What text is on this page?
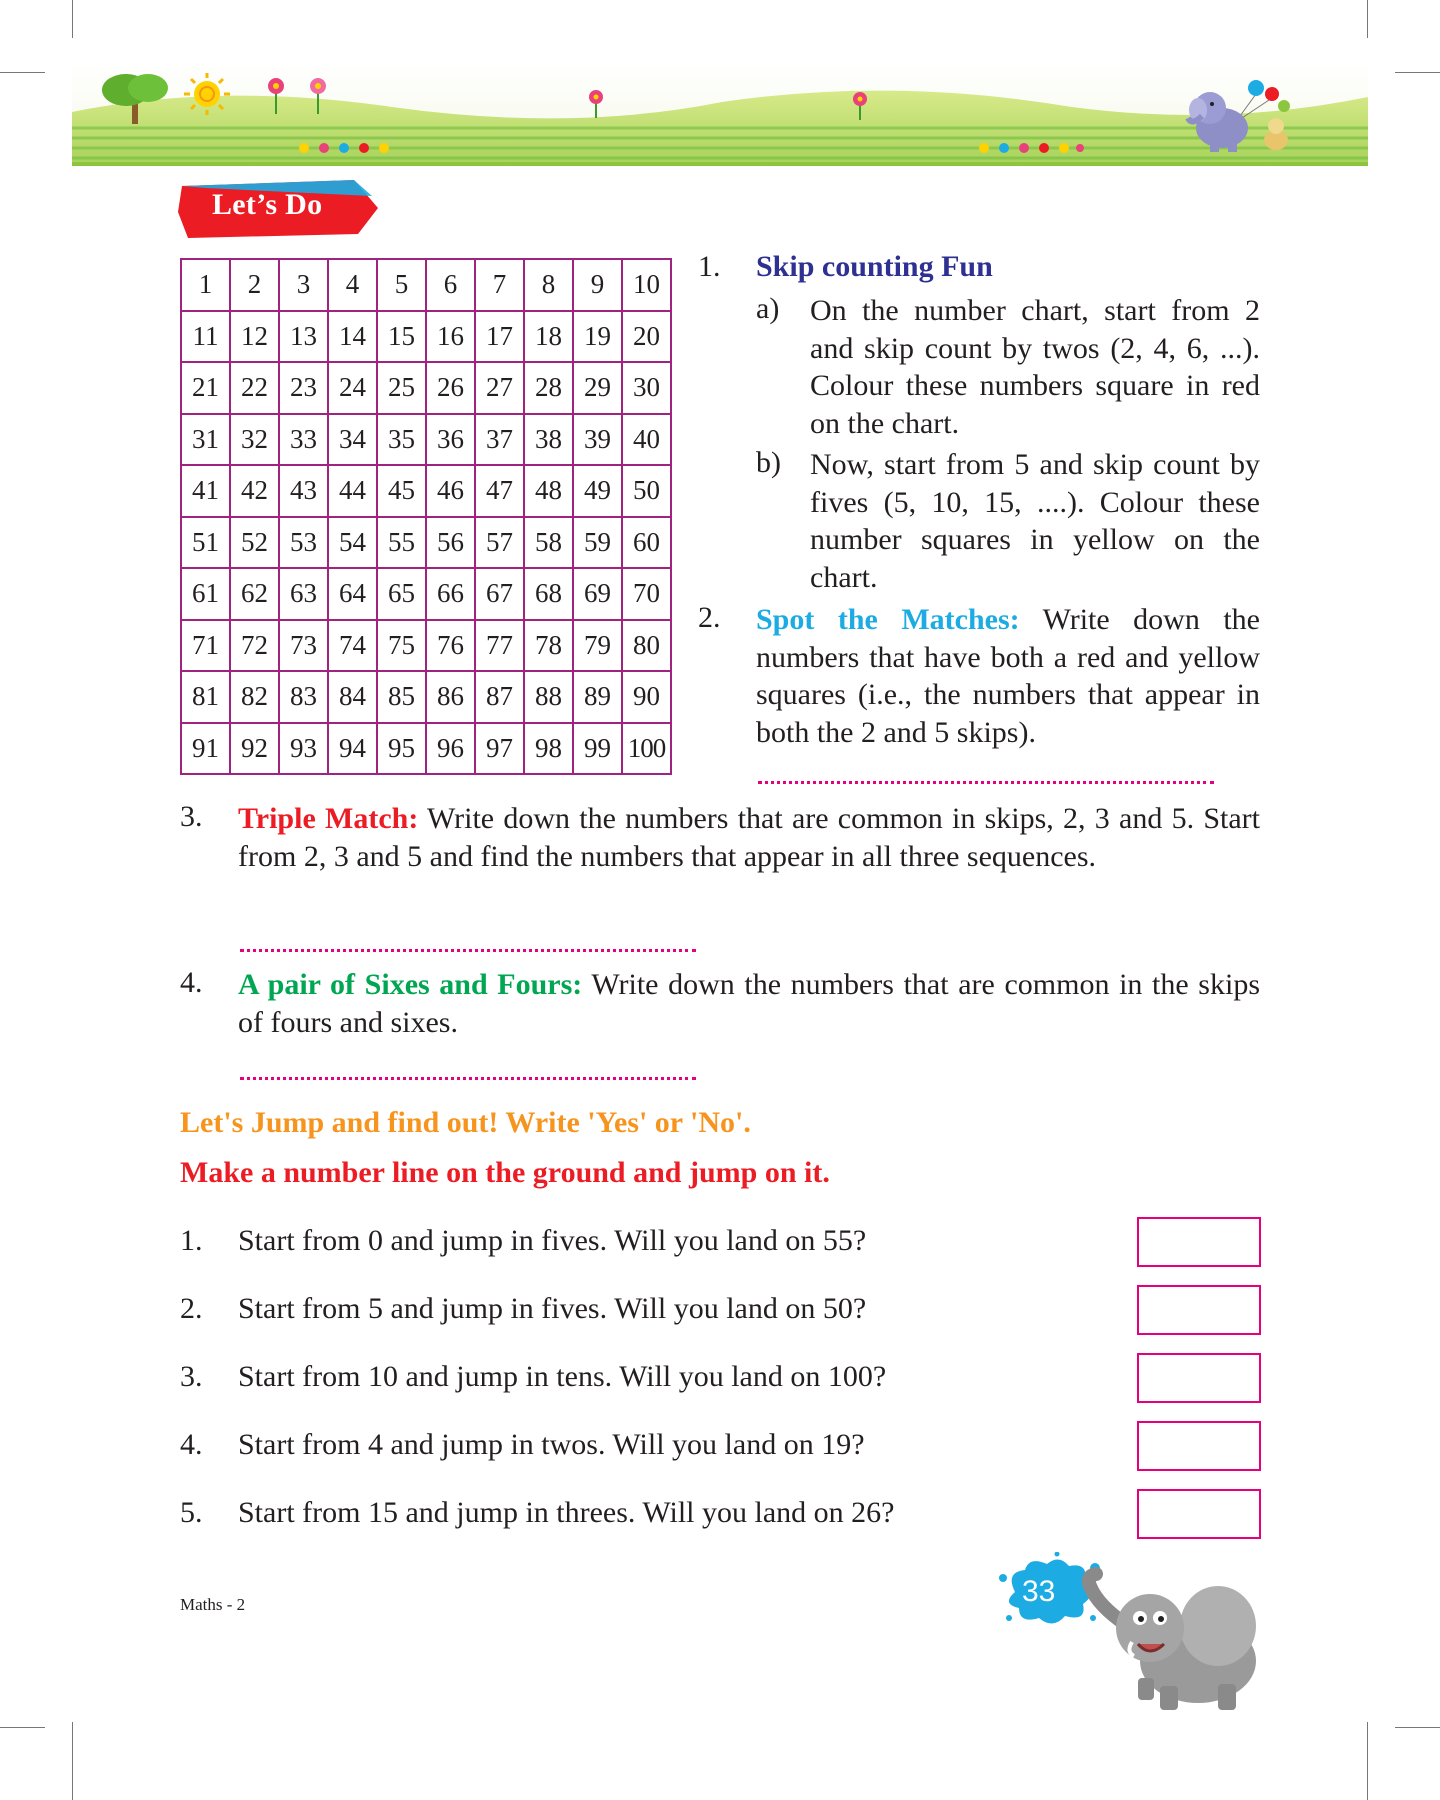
Let’s Do
1	2	3	4	5	6	7	8	9	10
11	12	13	14	15	16	17	18	19	20
21	22	23	24	25	26	27	28	29	30
31	32	33	34	35	36	37	38	39	40
41	42	43	44	45	46	47	48	49	50
51	52	53	54	55	56	57	58	59	60
61	62	63	64	65	66	67	68	69	70
71	72	73	74	75	76	77	78	79	80
81	82	83	84	85	86	87	88	89	90
91	92	93	94	95	96	97	98	99	100
1. Skip counting Fun
a) On the number chart, start from 2 and skip count by twos (2, 4, 6, ...). Colour these numbers square in red on the chart.
b) Now, start from 5 and skip count by fives (5, 10, 15, ....). Colour these number squares in yellow on the chart.
2. Spot the Matches: Write down the numbers that have both a red and yellow squares (i.e., the numbers that appear in both the 2 and 5 skips).
3. Triple Match: Write down the numbers that are common in skips, 2, 3 and 5. Start from 2, 3 and 5 and find the numbers that appear in all three sequences.
4. A pair of Sixes and Fours: Write down the numbers that are common in the skips of fours and sixes.
Let's Jump and find out! Write 'Yes' or 'No'.
Make a number line on the ground and jump on it.
1. Start from 0 and jump in fives. Will you land on 55?
2. Start from 5 and jump in fives. Will you land on 50?
3. Start from 10 and jump in tens. Will you land on 100?
4. Start from 4 and jump in twos. Will you land on 19?
5. Start from 15 and jump in threes. Will you land on 26?
Maths - 2	33
